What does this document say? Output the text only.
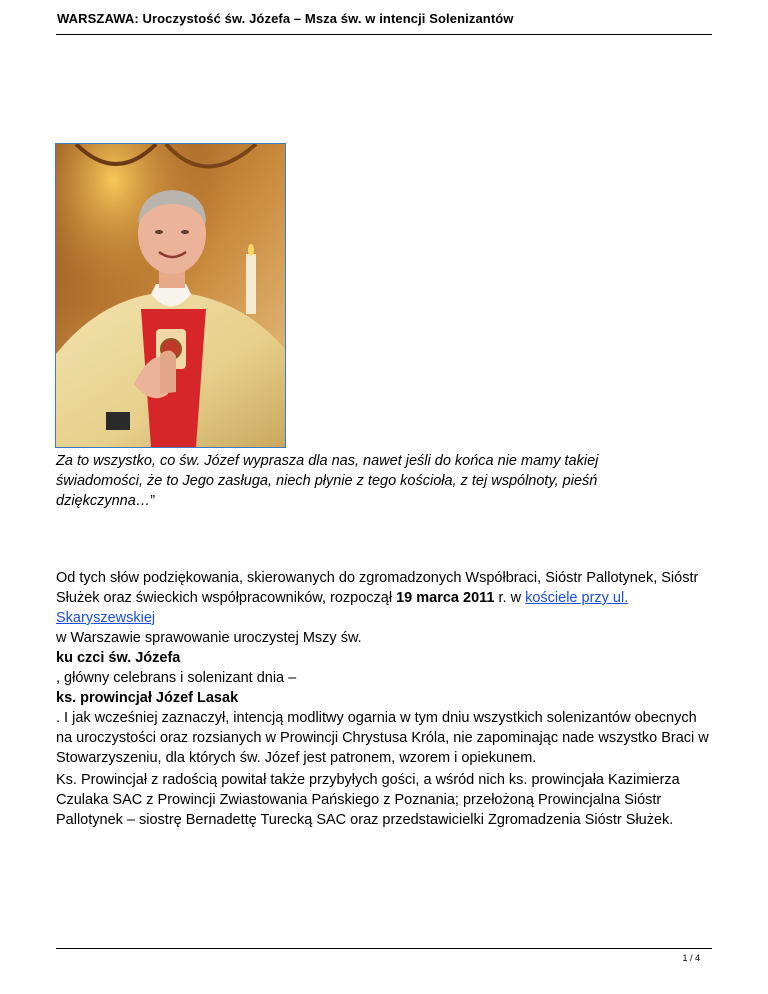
WARSZAWA: Uroczystość św. Józefa – Msza św. w intencji Solenizantów
Za to wszystko, co św. Józef wyprasza dla nas, nawet jeśli do końca nie mamy takiej świadomości, że to Jego zasługa, niech płynie z tego kościoła, z tej wspólnoty, pieśń dziękczynna…”
Od tych słów podziękowania, skierowanych do zgromadzonych Współbraci, Sióstr Pallotynek, Sióstr Służek oraz świeckich współpracowników, rozpoczął 19 marca 2011 r. w kościele przy ul. Skaryszewskiej
w Warszawie sprawowanie uroczystej Mszy św.
ku czci św. Józefa
, główny celebrans i solenizant dnia –
ks. prowincjał Józef Lasak
. I jak wcześniej zaznaczył, intencją modlitwy ogarnia w tym dniu wszystkich solenizantów obecnych na uroczystości oraz rozsianych w Prowincji Chrystusa Króla, nie zapominając nade wszystko Braci w Stowarzyszeniu, dla których św. Józef jest patronem, wzorem i opiekunem.
Ks. Prowincjał z radością powitał także przybyłych gości, a wśród nich ks. prowincjała Kazimierza Czulaka SAC z Prowincji Zwiastowania Pańskiego z Poznania; przełożoną Prowincjalna Sióstr Pallotynek – siostrę Bernadettę Turecką SAC oraz przedstawicielki Zgromadzenia Sióstr Służek.
1 / 4
